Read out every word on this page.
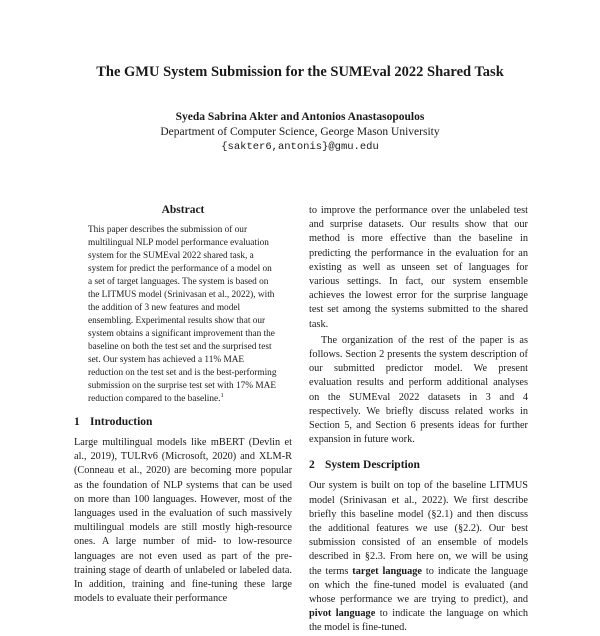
The GMU System Submission for the SUMEval 2022 Shared Task
Syeda Sabrina Akter and Antonios Anastasopoulos
Department of Computer Science, George Mason University
{sakter6,antonis}@gmu.edu
Abstract

This paper describes the submission of our multilingual NLP model performance evaluation system for the SUMEval 2022 shared task, a system for predict the performance of a model on a set of target languages. The system is based on the LITMUS model (Srinivasan et al., 2022), with the addition of 3 new features and model ensembling. Experimental results show that our system obtains a significant improvement than the baseline on both the test set and the surprised test set. Our system has achieved a 11% MAE reduction on the test set and is the best-performing submission on the surprise test set with 17% MAE reduction compared to the baseline.$^1$

1 Introduction

Large multilingual models like mBERT (Devlin et al., 2019), TULRv6 (Microsoft, 2020) and XLM-R (Conneau et al., 2020) are becoming more popular as the foundation of NLP systems that can be used on more than 100 languages. However, most of the languages used in the evaluation of such massively multilingual models are still mostly high-resource ones. A large number of mid- to low-resource languages are not even used as part of the pre-training stage of dearth of unlabeled or labeled data. In addition, training and fine-tuning these large models to evaluate their performance

to improve the performance over the unlabeled test and surprise datasets. Our results show that our method is more effective than the baseline in predicting the performance in the evaluation for an existing as well as unseen set of languages for various settings. In fact, our system ensemble achieves the lowest error for the surprise language test set among the systems submitted to the shared task.

The organization of the rest of the paper is as follows. Section 2 presents the system description of our submitted predictor model. We present evaluation results and perform additional analyses on the SUMEval 2022 datasets in 3 and 4 respectively. We briefly discuss related works in Section 5, and Section 6 presents ideas for further expansion in future work.

2 System Description

Our system is built on top of the baseline LITMUS model (Srinivasan et al., 2022). We first describe briefly this baseline model (§2.1) and then discuss the additional features we use (§2.2). Our best submission consisted of an ensemble of models described in §2.3. From here on, we will be using the terms target language to indicate the language on which the fine-tuned model is evaluated (and whose performance we are trying to predict), and pivot language to indicate the language on which the model is fine-tuned.
